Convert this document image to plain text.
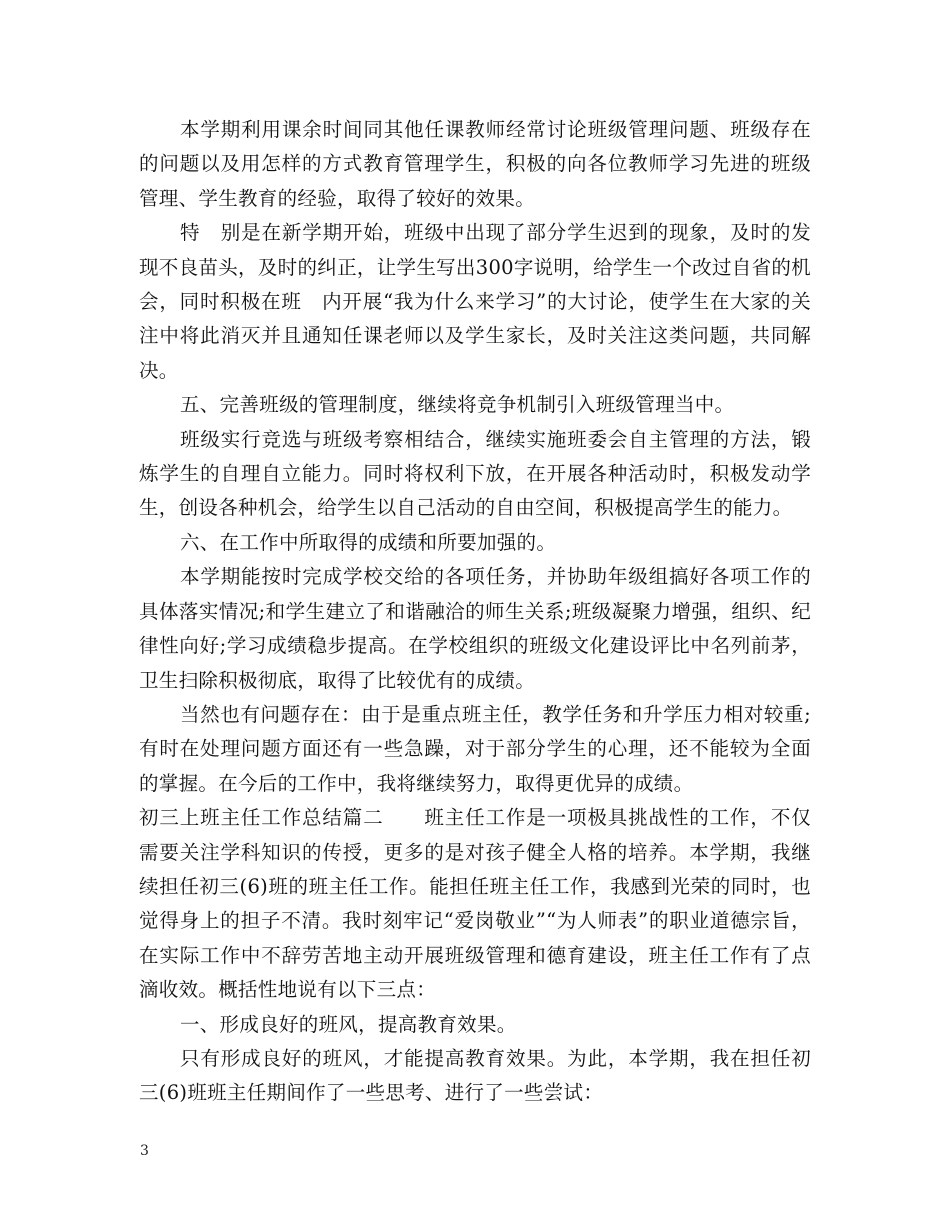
本学期利用课余时间同其他任课教师经常讨论班级管理问题、班级存在的问题以及用怎样的方式教育管理学生，积极的向各位教师学习先进的班级管理、学生教育的经验，取得了较好的效果。

特　别是在新学期开始，班级中出现了部分学生迟到的现象，及时的发现不良苗头，及时的纠正，让学生写出300字说明，给学生一个改过自省的机会，同时积极在班　内开展“我为什么来学习”的大讨论，使学生在大家的关注中将此消灭并且通知任课老师以及学生家长，及时关注这类问题，共同解决。

五、完善班级的管理制度，继续将竞争机制引入班级管理当中。

班级实行竞选与班级考察相结合，继续实施班委会自主管理的方法，锻炼学生的自理自立能力。同时将权利下放，在开展各种活动时，积极发动学生，创设各种机会，给学生以自己活动的自由空间，积极提高学生的能力。

六、在工作中所取得的成绩和所要加强的。

本学期能按时完成学校交给的各项任务，并协助年级组搞好各项工作的具体落实情况;和学生建立了和谐融洽的师生关系;班级凝聚力增强，组织、纪律性向好;学习成绩稳步提高。在学校组织的班级文化建设评比中名列前茅，卫生扫除积极彻底，取得了比较优有的成绩。

当然也有问题存在：由于是重点班主任，教学任务和升学压力相对较重;有时在处理问题方面还有一些急躁，对于部分学生的心理，还不能较为全面的掌握。在今后的工作中，我将继续努力，取得更优异的成绩。

初三上班主任工作总结篇二　　班主任工作是一项极具挑战性的工作，不仅需要关注学科知识的传授，更多的是对孩子健全人格的培养。本学期，我继续担任初三(6)班的班主任工作。能担任班主任工作，我感到光荣的同时，也觉得身上的担子不清。我时刻牢记“爱岗敬业”“为人师表”的职业道德宗旨，在实际工作中不辞劳苦地主动开展班级管理和德育建设，班主任工作有了点滴收效。概括性地说有以下三点：

一、形成良好的班风，提高教育效果。

只有形成良好的班风，才能提高教育效果。为此，本学期，我在担任初三(6)班班主任期间作了一些思考、进行了一些尝试：

3
